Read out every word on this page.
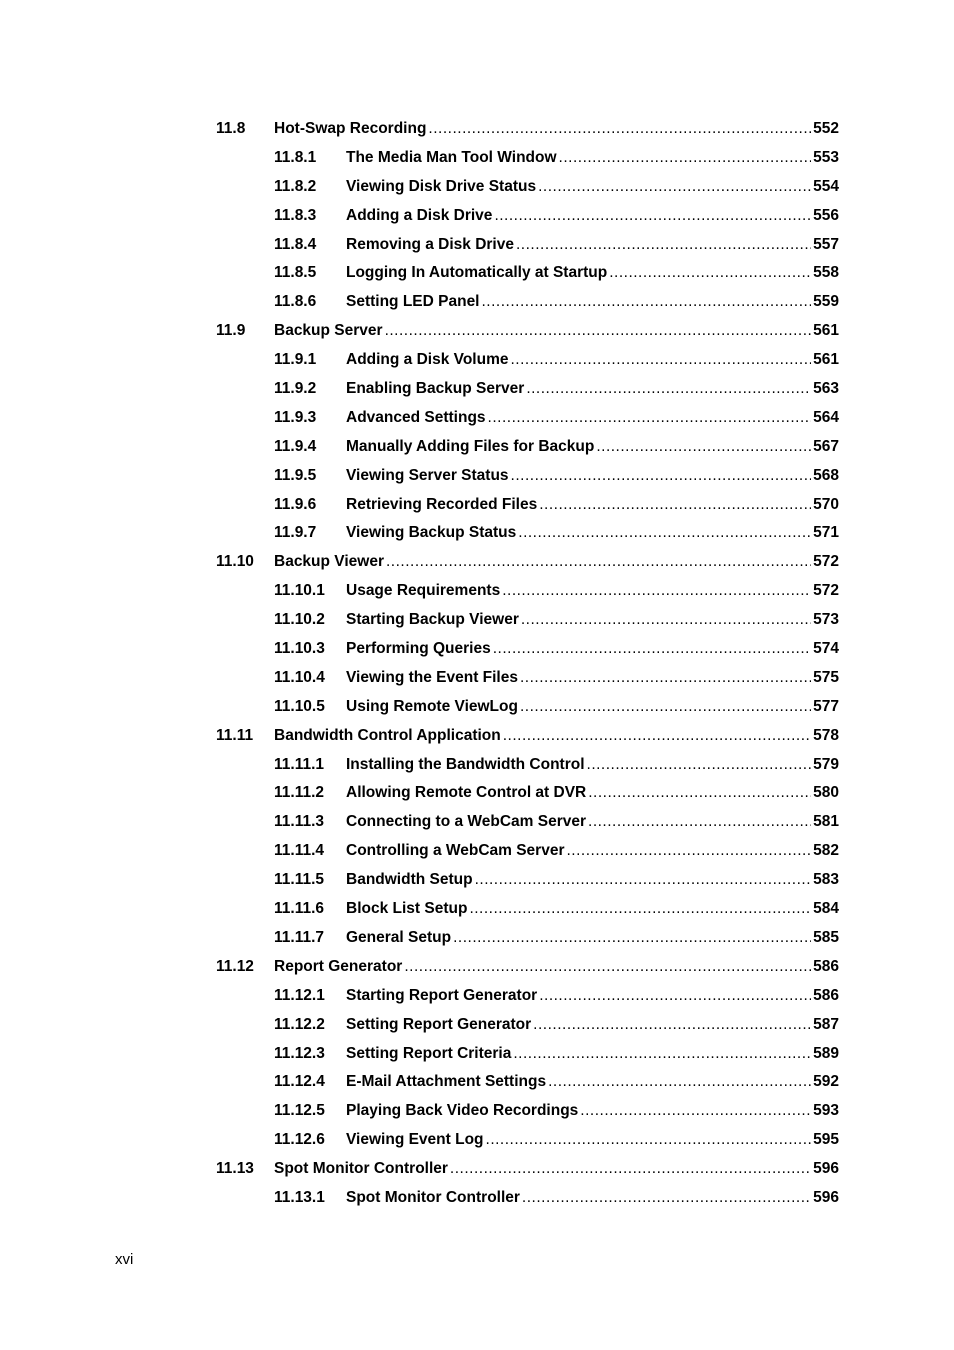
11.8 Hot-Swap Recording .....	552
11.8.1 The Media Man Tool Window .....	553
11.8.2 Viewing Disk Drive Status .....	554
11.8.3 Adding a Disk Drive .....	556
11.8.4 Removing a Disk Drive .....	557
11.8.5 Logging In Automatically at Startup .....	558
11.8.6 Setting LED Panel .....	559
11.9 Backup Server .....	561
11.9.1 Adding a Disk Volume .....	561
11.9.2 Enabling Backup Server .....	563
11.9.3 Advanced Settings .....	564
11.9.4 Manually Adding Files for Backup .....	567
11.9.5 Viewing Server Status .....	568
11.9.6 Retrieving Recorded Files .....	570
11.9.7 Viewing Backup Status .....	571
11.10 Backup Viewer .....	572
11.10.1 Usage Requirements .....	572
11.10.2 Starting Backup Viewer .....	573
11.10.3 Performing Queries .....	574
11.10.4 Viewing the Event Files .....	575
11.10.5 Using Remote ViewLog .....	577
11.11 Bandwidth Control Application .....	578
11.11.1 Installing the Bandwidth Control .....	579
11.11.2 Allowing Remote Control at DVR .....	580
11.11.3 Connecting to a WebCam Server .....	581
11.11.4 Controlling a WebCam Server .....	582
11.11.5 Bandwidth Setup .....	583
11.11.6 Block List Setup .....	584
11.11.7 General Setup .....	585
11.12 Report Generator .....	586
11.12.1 Starting Report Generator .....	586
11.12.2 Setting Report Generator .....	587
11.12.3 Setting Report Criteria .....	589
11.12.4 E-Mail Attachment Settings .....	592
11.12.5 Playing Back Video Recordings .....	593
11.12.6 Viewing Event Log .....	595
11.13 Spot Monitor Controller .....	596
11.13.1 Spot Monitor Controller .....	596
xvi
